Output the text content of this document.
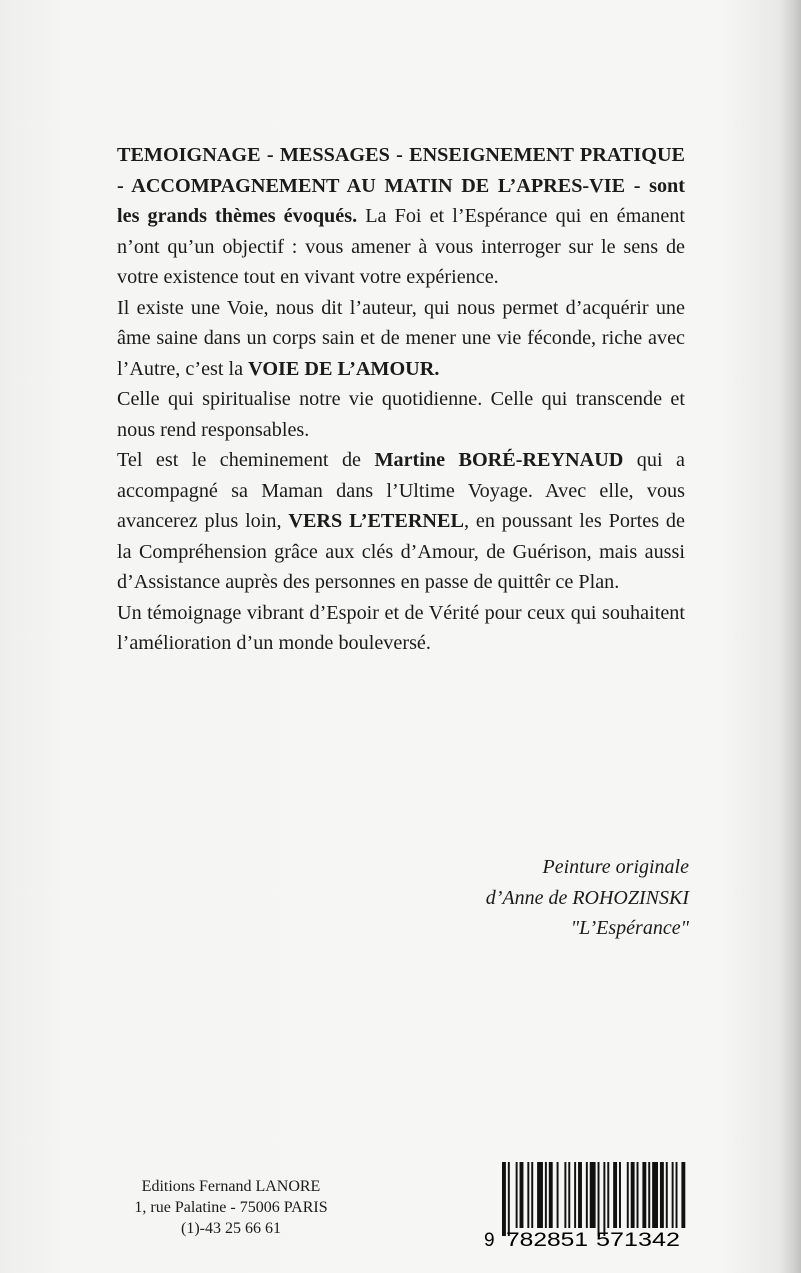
TEMOIGNAGE - MESSAGES - ENSEIGNEMENT PRATIQUE - ACCOMPAGNEMENT AU MATIN DE L’APRES-VIE - sont les grands thèmes évoqués. La Foi et l’Espérance qui en émanent n’ont qu’un objectif : vous amener à vous interroger sur le sens de votre existence tout en vivant votre expérience.

Il existe une Voie, nous dit l’auteur, qui nous permet d’acquérir une âme saine dans un corps sain et de mener une vie féconde, riche avec l’Autre, c’est la VOIE DE L’AMOUR.

Celle qui spiritualise notre vie quotidienne. Celle qui transcende et nous rend responsables.

Tel est le cheminement de Martine BORÉ-REYNAUD qui a accompagné sa Maman dans l’Ultime Voyage. Avec elle, vous avancerez plus loin, VERS L’ETERNEL, en poussant les Portes de la Compréhension grâce aux clés d’Amour, de Guérison, mais aussi d’Assistance auprès des personnes en passe de quittêr ce Plan.

Un témoignage vibrant d’Espoir et de Vérité pour ceux qui souhaitent l’amélioration d’un monde bouleversé.

Peinture originale
d’Anne de ROHOZINSKI
"L’Espérance"
Editions Fernand LANORE
1, rue Palatine - 75006 PARIS
(1)-43 25 66 61
9 782851 571342
